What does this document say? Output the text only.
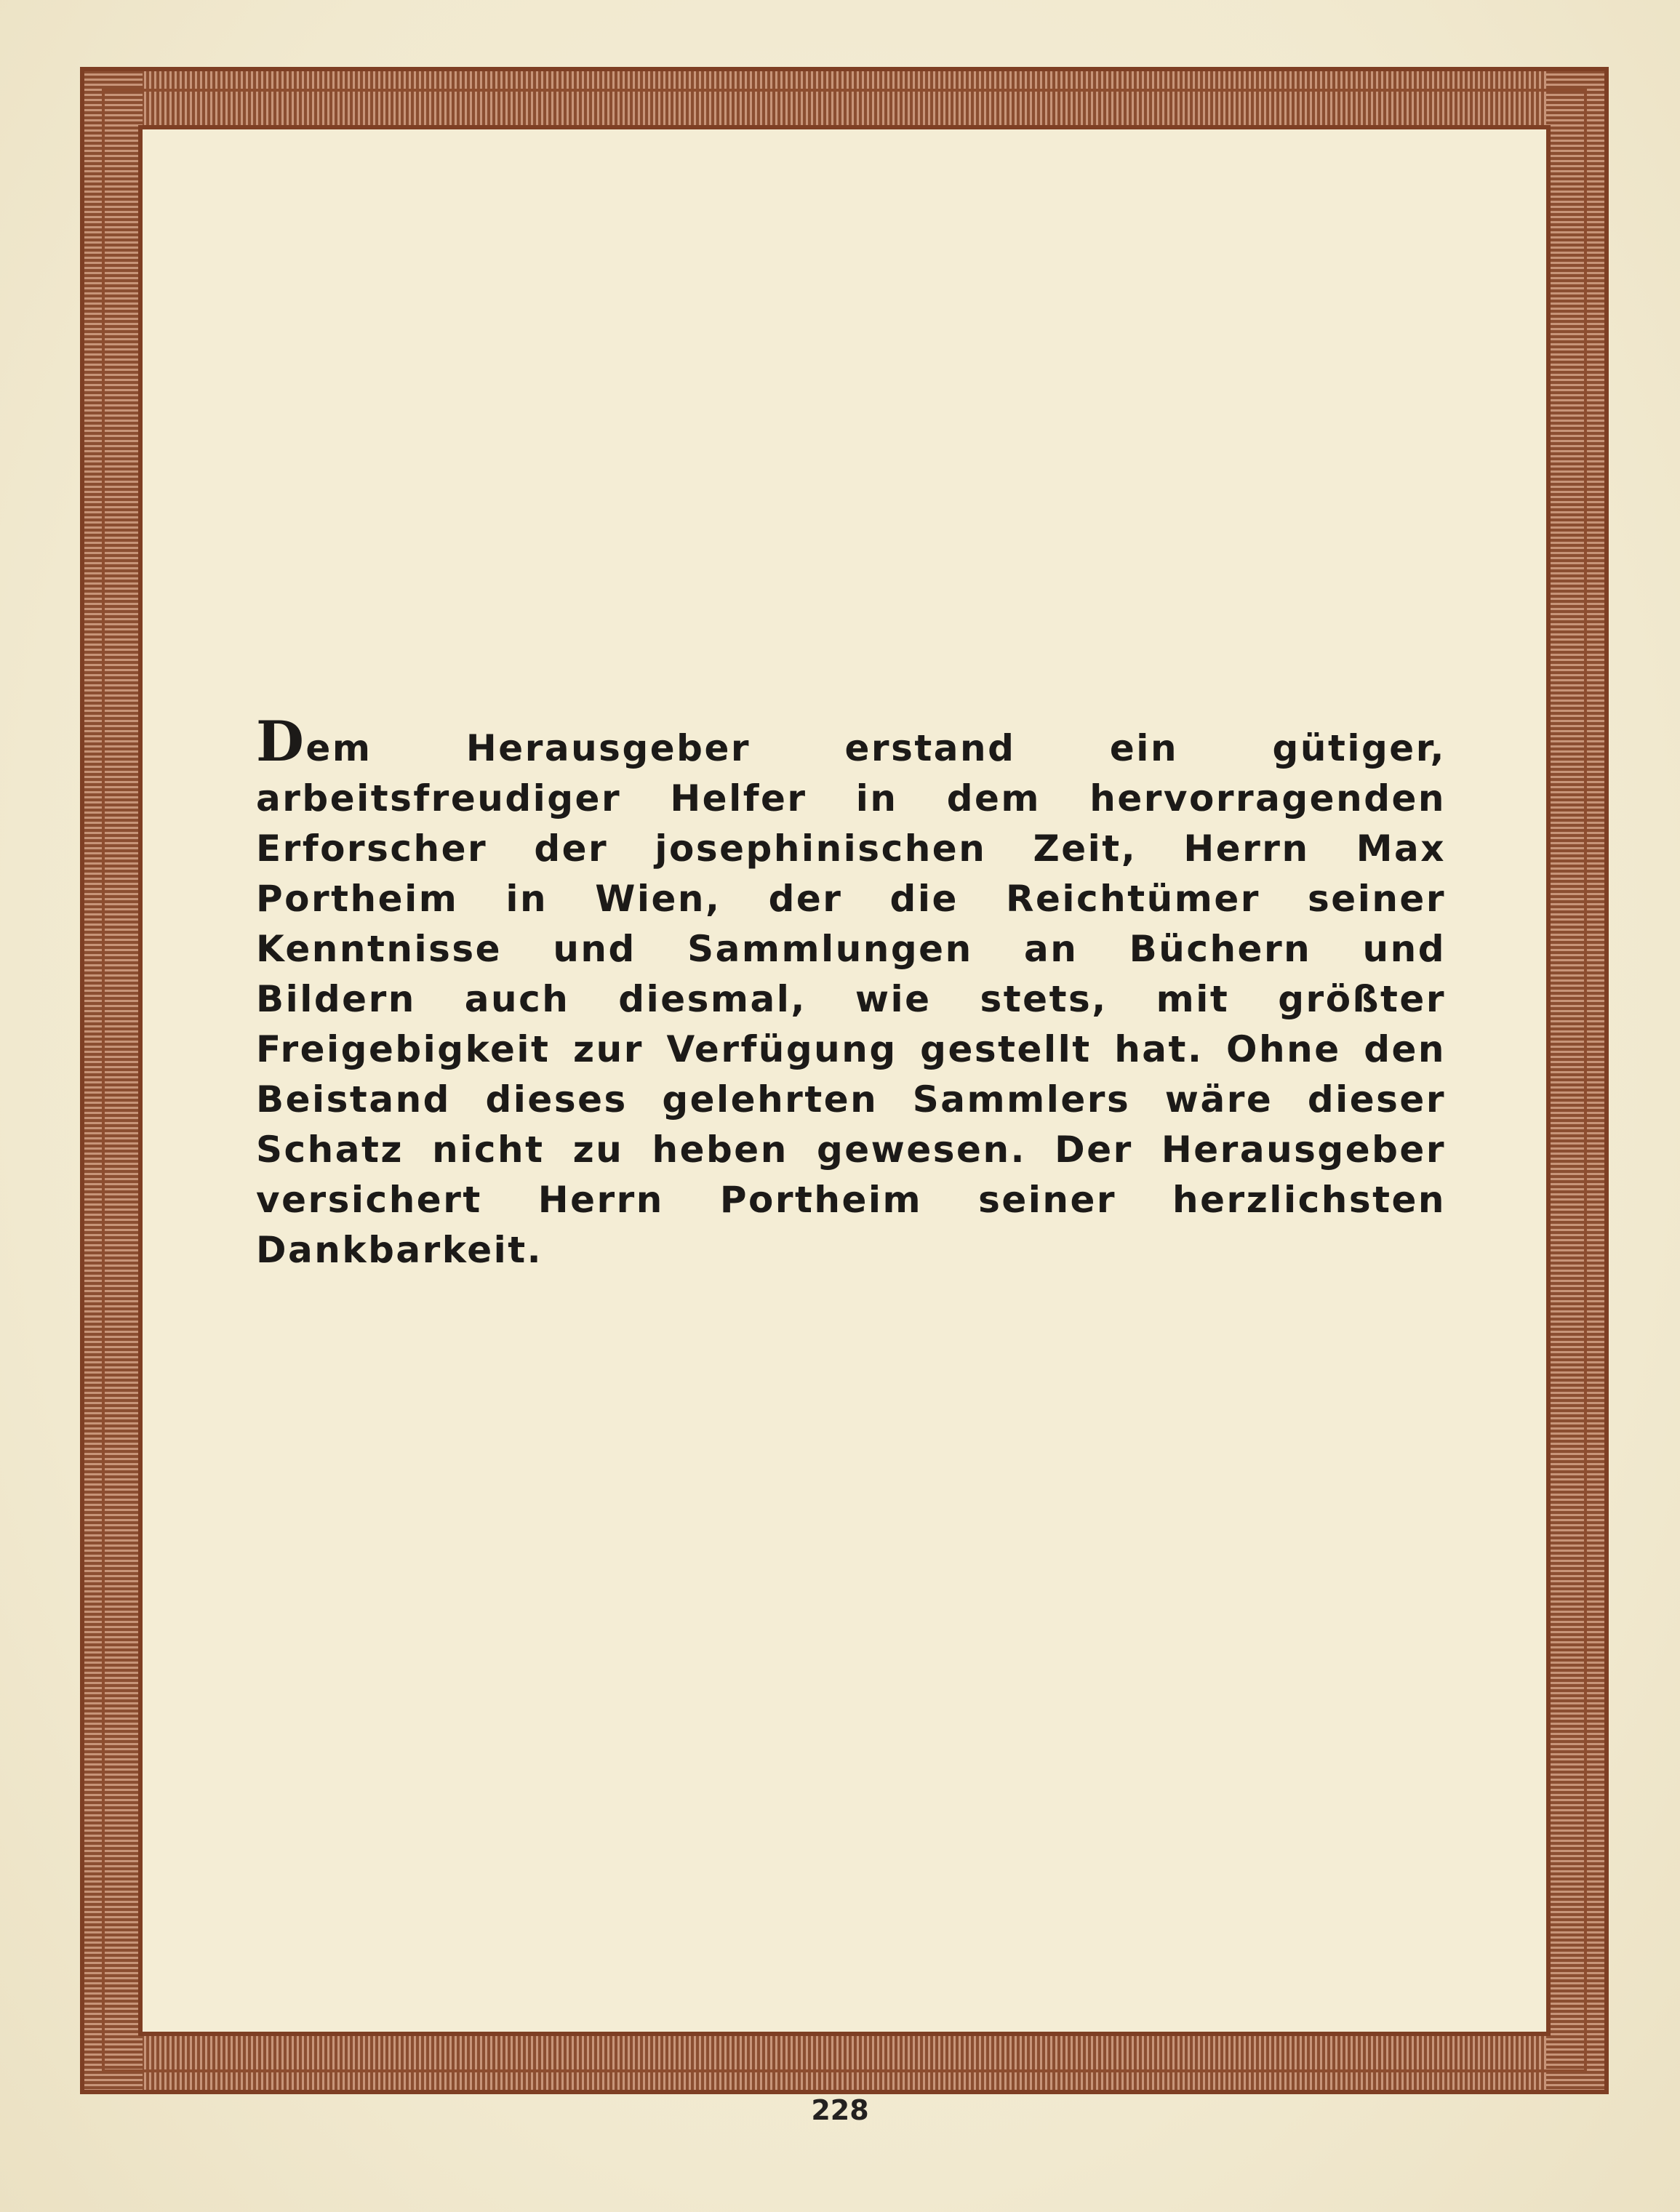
Dem Herausgeber erstand ein gütiger, arbeitsfreudiger Helfer in dem hervorragenden Erforscher der josephinischen Zeit, Herrn Max Portheim in Wien, der die Reichtümer seiner Kenntnisse und Sammlungen an Büchern und Bildern auch diesmal, wie stets, mit größter Freigebigkeit zur Verfügung gestellt hat. Ohne den Beistand dieses gelehrten Sammlers wäre dieser Schatz nicht zu heben gewesen. Der Herausgeber versichert Herrn Portheim seiner herzlichsten Dankbarkeit.
228
